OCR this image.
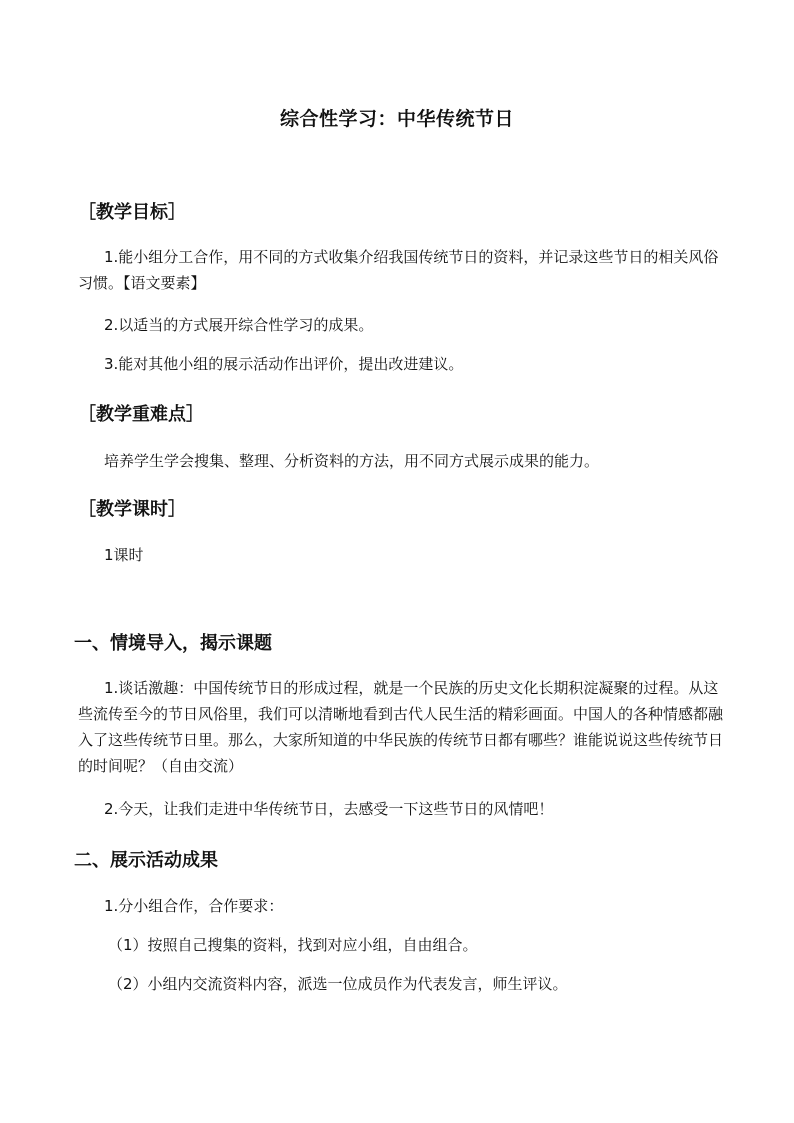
综合性学习：中华传统节日
［教学目标］
1.能小组分工合作，用不同的方式收集介绍我国传统节日的资料，并记录这些节日的相关风俗习惯。【语文要素】
2.以适当的方式展开综合性学习的成果。
3.能对其他小组的展示活动作出评价，提出改进建议。
［教学重难点］
培养学生学会搜集、整理、分析资料的方法，用不同方式展示成果的能力。
［教学课时］
1课时
一、情境导入，揭示课题
1.谈话激趣：中国传统节日的形成过程，就是一个民族的历史文化长期积淀凝聚的过程。从这些流传至今的节日风俗里，我们可以清晰地看到古代人民生活的精彩画面。中国人的各种情感都融入了这些传统节日里。那么，大家所知道的中华民族的传统节日都有哪些？谁能说说这些传统节日的时间呢？（自由交流）
2.今天，让我们走进中华传统节日，去感受一下这些节日的风情吧！
二、展示活动成果
1.分小组合作，合作要求：
（1）按照自己搜集的资料，找到对应小组，自由组合。
（2）小组内交流资料内容，派选一位成员作为代表发言，师生评议。
